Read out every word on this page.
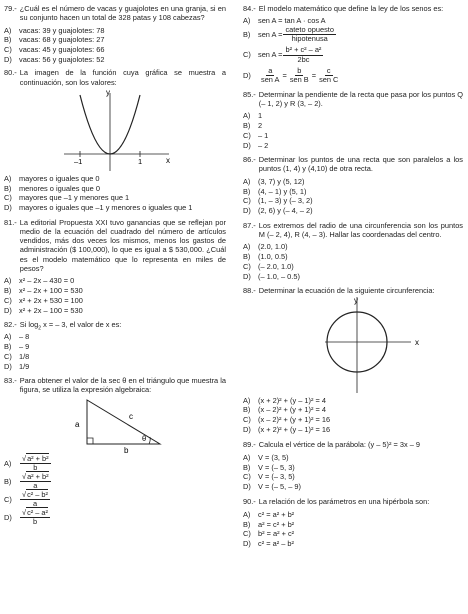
79.- ¿Cuál es el número de vacas y guajolotes en una granja, si en su conjunto hacen un total de 328 patas y 108 cabezas?
A)	vacas: 39 y guajolotes: 78
B)	vacas: 68 y guajolotes: 27
C) vacas: 45 y guajolotes: 66
D) vacas: 56 y guajolotes: 52
80.- La imagen de la función cuya gráfica se muestra a continuación, son los valores:
y
x
–1	1
A)	mayores o iguales que 0
B)	menores o iguales que 0
C) mayores que –1 y menores que 1
D) mayores o iguales que –1 y menores o iguales que 1
81.- La editorial Propuesta XXI tuvo ganancias que se reflejan por medio de la ecuación del cuadrado del número de artículos vendidos, más dos veces los mismos, menos los gastos de administración ($ 100,000), lo que es igual a $ 530,000. ¿Cuál es el modelo matemático que lo representa en miles de pesos?
A)	x² – 2x – 430 = 0
B)	x² – 2x + 100 = 530
C) x² + 2x + 530 = 100
D) x² + 2x – 100 = 530
82.- Si $\log_2 x$ = – 3, el valor de x es:
A)	– 8
B)	– 9
C) 1/8
D) 1/9
83.- Para obtener el valor de la sec θ en el triángulo que muestra la figura, se utiliza la expresión algebraica:
a
b
c
θ
A)	$\frac{\text{√a² + b²}}{b}$
B)	$\frac{\text{√a² + b²}}{a}$
C)	$\frac{\text{√c² – b²}}{a}$
D)	$\frac{\text{√c² – a²}}{b}$
84.- El modelo matemático que define la ley de los senos es:
A)	sen A = tan A · cos A
B)	sen $A = \frac{\text{cateto opuesto}}{\text{hipotenusa}}$
C) sen $A = \frac{\text{b² + c² – a²}}{2bc}$
D)	$\frac{a}{\text{sen A}} = \frac{b}{\text{sen B}} = \frac{c}{\text{sen C}}$
85.- Determinar la pendiente de la recta que pasa por los puntos Q (– 1, 2) y R (3, – 2).
A)	1
B)	2
C) – 1
D) – 2
86.- Determinar los puntos de una recta que son paralelos a los puntos (1, 4) y (4,10) de otra recta.
A)	(3, 7) y (5, 12)
B)	(4, – 1) y (5, 1)
C) (1, – 3) y (– 3, 2)
D) (2, 6) y (– 4, – 2)
87.- Los extremos del radio de una circunferencia son los puntos M (– 2, 4), R (4, – 3). Hallar las coordenadas del centro.
A)	(2.0, 1.0)
B)	(1.0, 0.5)
C) (– 2.0, 1.0)
D) (– 1.0, – 0.5)
88.- Determinar la ecuación de la siguiente circunferencia:
y
x
A)	(x + 2)² + (y – 1)² = 4
B)	(x – 2)² + (y + 1)² = 4
C) (x – 2)² + (y + 1)² = 16
D) (x + 2)² + (y – 1)² = 16
89.- Calcula el vértice de la parábola: (y – 5)² = 3x – 9
A)	V = (3, 5)
B)	V = (– 5, 3)
C) V = (– 3, 5)
D) V = (– 5, – 9)
90.- La relación de los parámetros en una hipérbola son:
A)	c² = a² + b²
B)	a² = c² + b²
C) b² = a² + c²
D) c² = a² – b²
